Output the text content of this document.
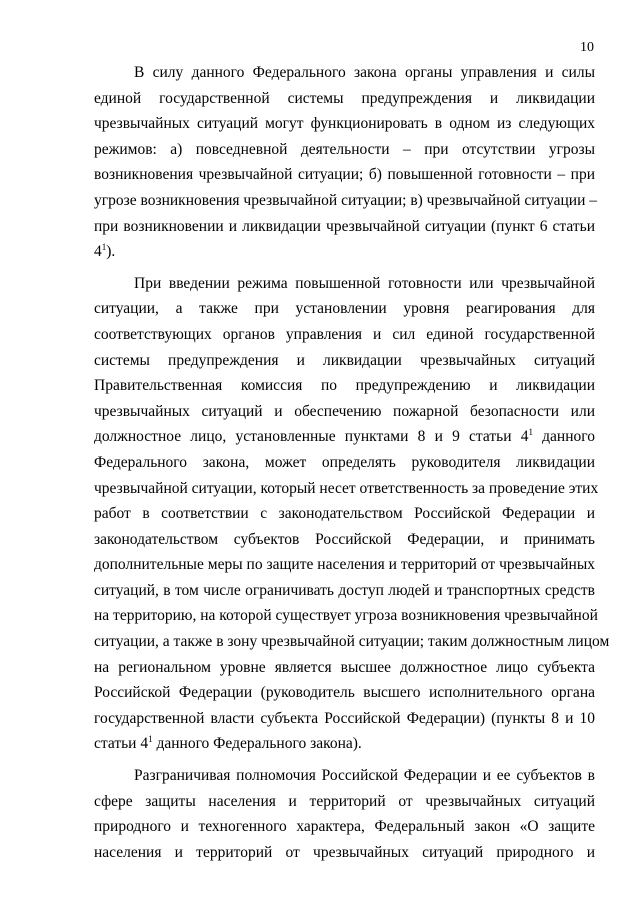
10
В силу данного Федерального закона органы управления и силы
единой государственной системы предупреждения и ликвидации
чрезвычайных ситуаций могут функционировать в одном из следующих
режимов: а) повседневной деятельности – при отсутствии угрозы
возникновения чрезвычайной ситуации; б) повышенной готовности – при
угрозе возникновения чрезвычайной ситуации; в) чрезвычайной ситуации –
при возникновении и ликвидации чрезвычайной ситуации (пункт 6 статьи
$4^1$).
При введении режима повышенной готовности или чрезвычайной
ситуации, а также при установлении уровня реагирования для
соответствующих органов управления и сил единой государственной
системы предупреждения и ликвидации чрезвычайных ситуаций
Правительственная комиссия по предупреждению и ликвидации
чрезвычайных ситуаций и обеспечению пожарной безопасности или
должностное лицо, установленные пунктами 8 и 9 статьи $4^1$ данного
Федерального закона, может определять руководителя ликвидации
чрезвычайной ситуации, который несет ответственность за проведение этих
работ в соответствии с законодательством Российской Федерации и
законодательством субъектов Российской Федерации, и принимать
дополнительные меры по защите населения и территорий от чрезвычайных
ситуаций, в том числе ограничивать доступ людей и транспортных средств
на территорию, на которой существует угроза возникновения чрезвычайной
ситуации, а также в зону чрезвычайной ситуации; таким должностным лицом
на региональном уровне является высшее должностное лицо субъекта
Российской Федерации (руководитель высшего исполнительного органа
государственной власти субъекта Российской Федерации) (пункты 8 и 10
статьи $4^1$ данного Федерального закона).
Разграничивая полномочия Российской Федерации и ее субъектов в
сфере защиты населения и территорий от чрезвычайных ситуаций
природного и техногенного характера, Федеральный закон «О защите
населения и территорий от чрезвычайных ситуаций природного и
